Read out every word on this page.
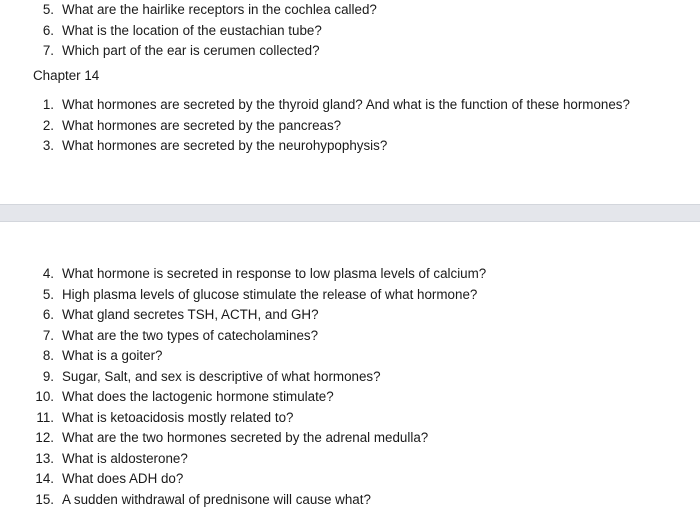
5. What are the hairlike receptors in the cochlea called?
6. What is the location of the eustachian tube?
7. Which part of the ear is cerumen collected?
Chapter 14
1. What hormones are secreted by the thyroid gland? And what is the function of these hormones?
2. What hormones are secreted by the pancreas?
3. What hormones are secreted by the neurohypophysis?
4. What hormone is secreted in response to low plasma levels of calcium?
5. High plasma levels of glucose stimulate the release of what hormone?
6. What gland secretes TSH, ACTH, and GH?
7. What are the two types of catecholamines?
8. What is a goiter?
9. Sugar, Salt, and sex is descriptive of what hormones?
10. What does the lactogenic hormone stimulate?
11. What is ketoacidosis mostly related to?
12. What are the two hormones secreted by the adrenal medulla?
13. What is aldosterone?
14. What does ADH do?
15. A sudden withdrawal of prednisone will cause what?
